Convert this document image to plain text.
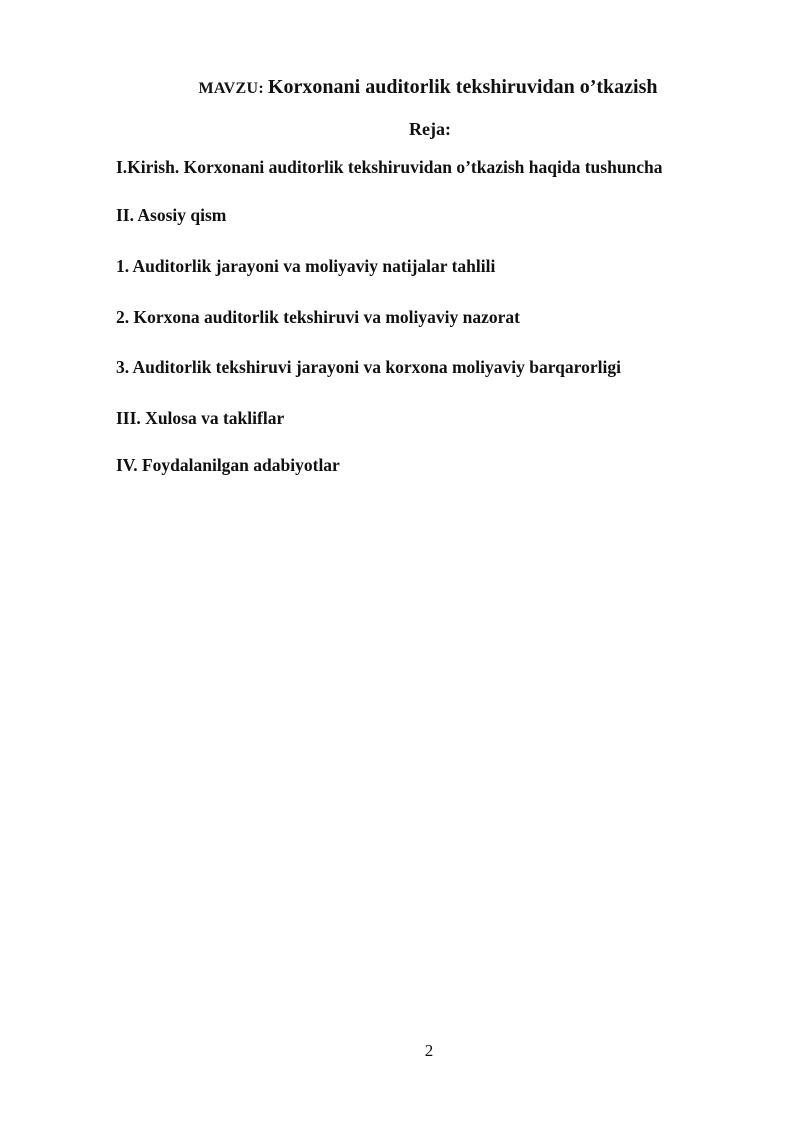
MAVZU: Korxonani auditorlik tekshiruvidan o’tkazish
Reja:
I.Kirish. Korxonani auditorlik tekshiruvidan o’tkazish haqida tushuncha
II. Asosiy qism
1. Auditorlik jarayoni va moliyaviy natijalar tahlili
2. Korxona auditorlik tekshiruvi va moliyaviy nazorat
3. Auditorlik tekshiruvi jarayoni va korxona moliyaviy barqarorligi
III. Xulosa va takliflar
IV. Foydalanilgan adabiyotlar
2
